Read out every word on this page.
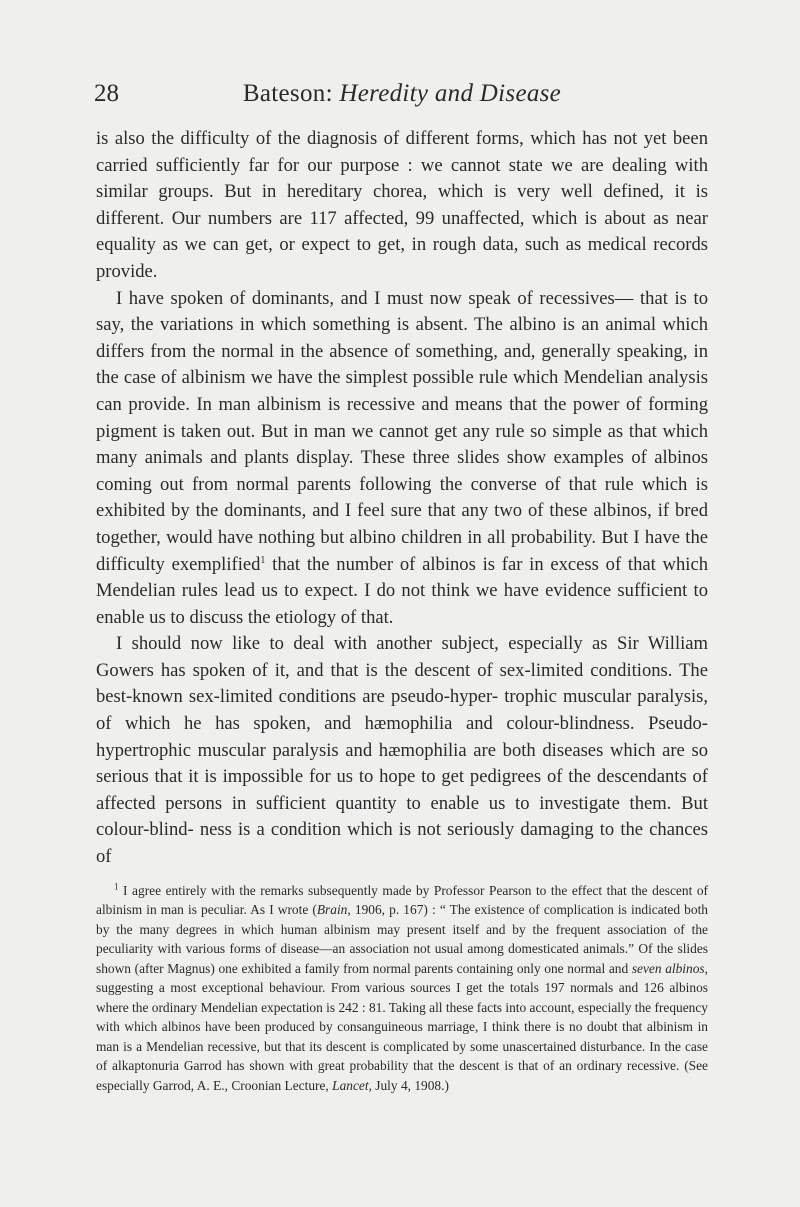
28	Bateson: Heredity and Disease

is also the difficulty of the diagnosis of different forms, which has not yet been carried sufficiently far for our purpose : we cannot state we are dealing with similar groups. But in hereditary chorea, which is very well defined, it is different. Our numbers are 117 affected, 99 unaffected, which is about as near equality as we can get, or expect to get, in rough data, such as medical records provide.

I have spoken of dominants, and I must now speak of recessives— that is to say, the variations in which something is absent. The albino is an animal which differs from the normal in the absence of something, and, generally speaking, in the case of albinism we have the simplest possible rule which Mendelian analysis can provide. In man albinism is recessive and means that the power of forming pigment is taken out. But in man we cannot get any rule so simple as that which many animals and plants display. These three slides show examples of albinos coming out from normal parents following the converse of that rule which is exhibited by the dominants, and I feel sure that any two of these albinos, if bred together, would have nothing but albino children in all probability. But I have the difficulty exemplified$^1$ that the number of albinos is far in excess of that which Mendelian rules lead us to expect. I do not think we have evidence sufficient to enable us to discuss the etiology of that.

I should now like to deal with another subject, especially as Sir William Gowers has spoken of it, and that is the descent of sex-limited conditions. The best-known sex-limited conditions are pseudo-hyper- trophic muscular paralysis, of which he has spoken, and hæmophilia and colour-blindness. Pseudo-hypertrophic muscular paralysis and hæmophilia are both diseases which are so serious that it is impossible for us to hope to get pedigrees of the descendants of affected persons in sufficient quantity to enable us to investigate them. But colour-blind- ness is a condition which is not seriously damaging to the chances of

$^1$ I agree entirely with the remarks subsequently made by Professor Pearson to the effect that the descent of albinism in man is peculiar. As I wrote (Brain, 1906, p. 167) : “ The existence of complication is indicated both by the many degrees in which human albinism may present itself and by the frequent association of the peculiarity with various forms of disease—an association not usual among domesticated animals.” Of the slides shown (after Magnus) one exhibited a family from normal parents containing only one normal and seven albinos, suggesting a most exceptional behaviour. From various sources I get the totals 197 normals and 126 albinos where the ordinary Mendelian expectation is 242 : 81. Taking all these facts into account, especially the frequency with which albinos have been produced by consanguineous marriage, I think there is no doubt that albinism in man is a Mendelian recessive, but that its descent is complicated by some unascertained disturbance. In the case of alkaptonuria Garrod has shown with great probability that the descent is that of an ordinary recessive. (See especially Garrod, A. E., Croonian Lecture, Lancet, July 4, 1908.)
